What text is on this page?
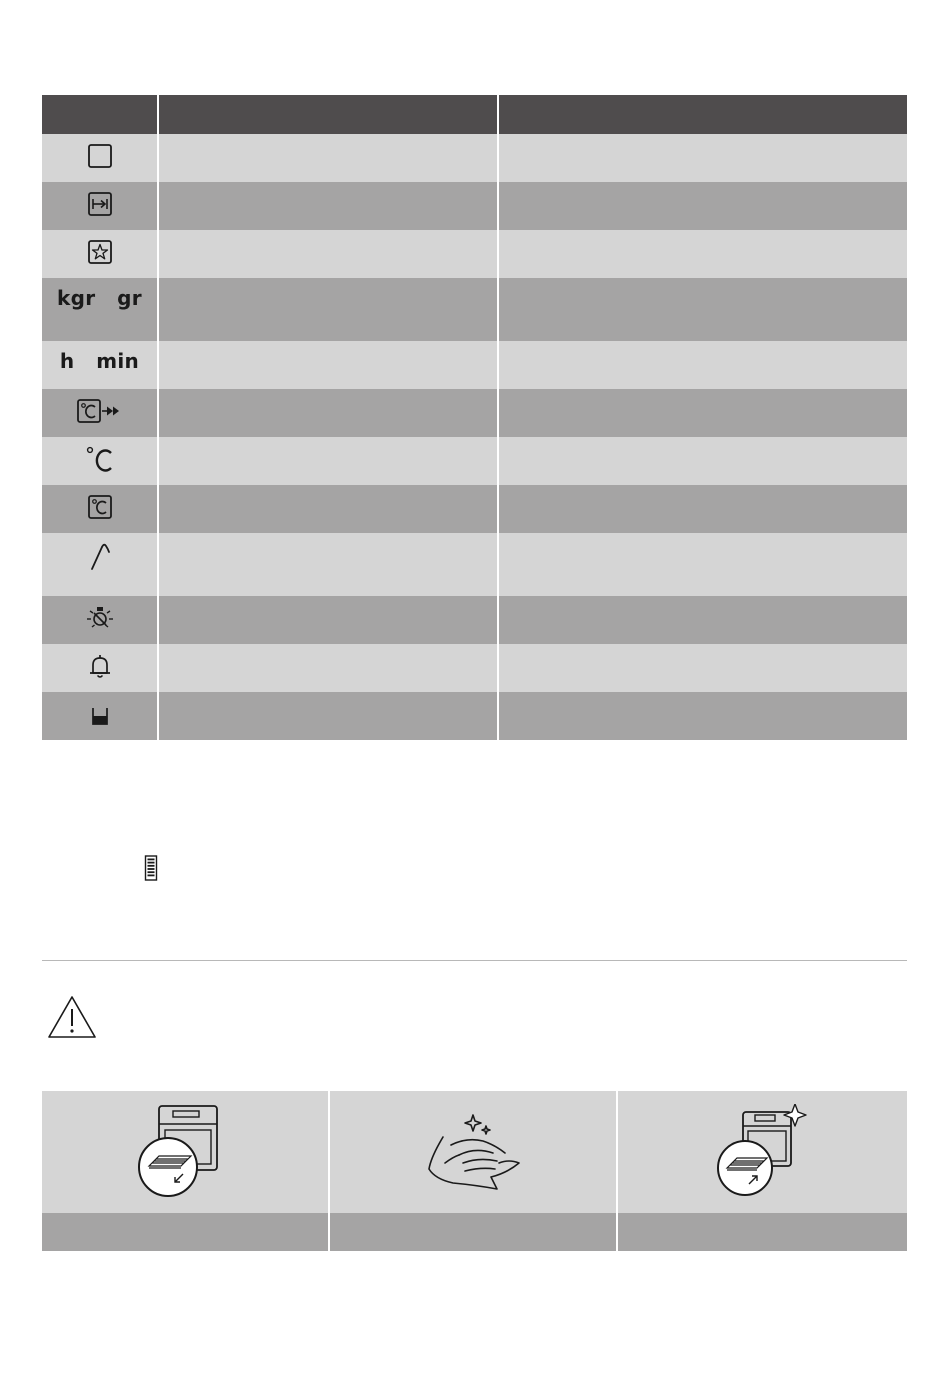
kgr   gr
h   min
